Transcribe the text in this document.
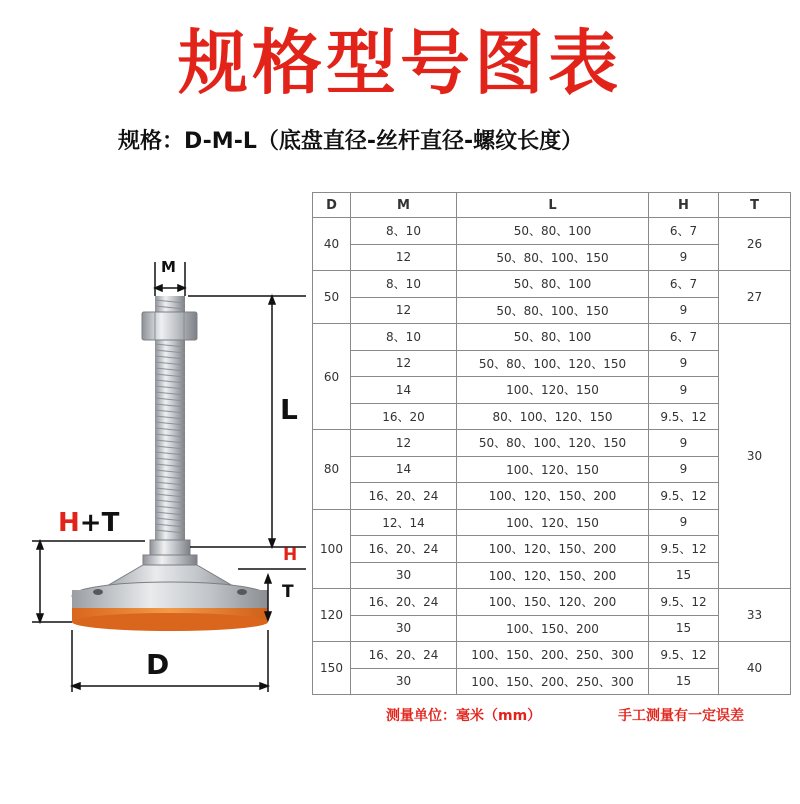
规格型号图表
规格：D-M-L（底盘直径-丝杆直径-螺纹长度）
M
L
H+T
H
T
D
D	M	L	H	T
40	8、10	50、80、100	6、7	26
	12	50、80、100、150	9	
50	8、10	50、80、100	6、7	27
	12	50、80、100、150	9	
60	8、10	50、80、100	6、7	30
	12	50、80、100、120、150	9	
	14	100、120、150	9	
	16、20	80、100、120、150	9.5、12	
80	12	50、80、100、120、150	9	
	14	100、120、150	9	
	16、20、24	100、120、150、200	9.5、12	
100	12、14	100、120、150	9	
	16、20、24	100、120、150、200	9.5、12	
	30	100、120、150、200	15	
120	16、20、24	100、150、120、200	9.5、12	33
	30	100、150、200	15	
150	16、20、24	100、150、200、250、300	9.5、12	40
	30	100、150、200、250、300	15	
测量单位：毫米（mm）	手工测量有一定误差
